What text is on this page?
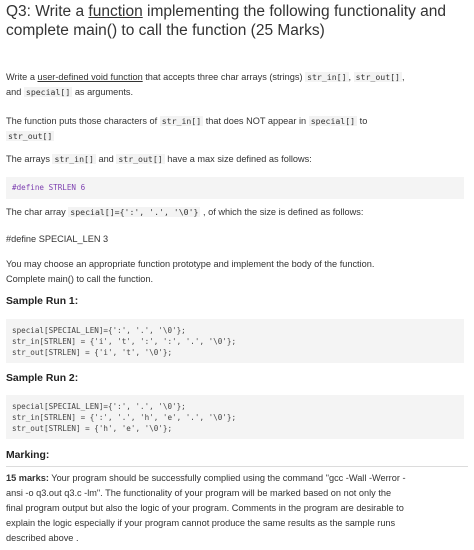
Q3: Write a function implementing the following functionality and complete main() to call the function (25 Marks)
Write a user-defined void function that accepts three char arrays (strings) str_in[] , str_out[] ,
and special[] as arguments.
The function puts those characters of str_in[] that does NOT appear in special[] to
str_out[]
The arrays str_in[] and str_out[] have a max size defined as follows:
#define STRLEN 6
The char array special[]={':', '.', '\0'} , of which the size is defined as follows:
#define SPECIAL_LEN 3
You may choose an appropriate function prototype and implement the body of the function.
Complete main() to call the function.
Sample Run 1:
special[SPECIAL_LEN]={':', '.', '\0'};
str_in[STRLEN] = {'i', 't', ':', ':', '.', '\0'};
str_out[STRLEN] = {'i', 't', '\0'};
Sample Run 2:
special[SPECIAL_LEN]={':', '.', '\0'};
str_in[STRLEN] = {':', '.', 'h', 'e', '.', '\0'};
str_out[STRLEN] = {'h', 'e', '\0'};
Marking:
15 marks: Your program should be successfully complied using the command "gcc -Wall -Werror -
ansi -o q3.out q3.c -lm". The functionality of your program will be marked based on not only the
final program output but also the logic of your program. Comments in the program are desirable to
explain the logic especially if your program cannot produce the same results as the sample runs
described above .
